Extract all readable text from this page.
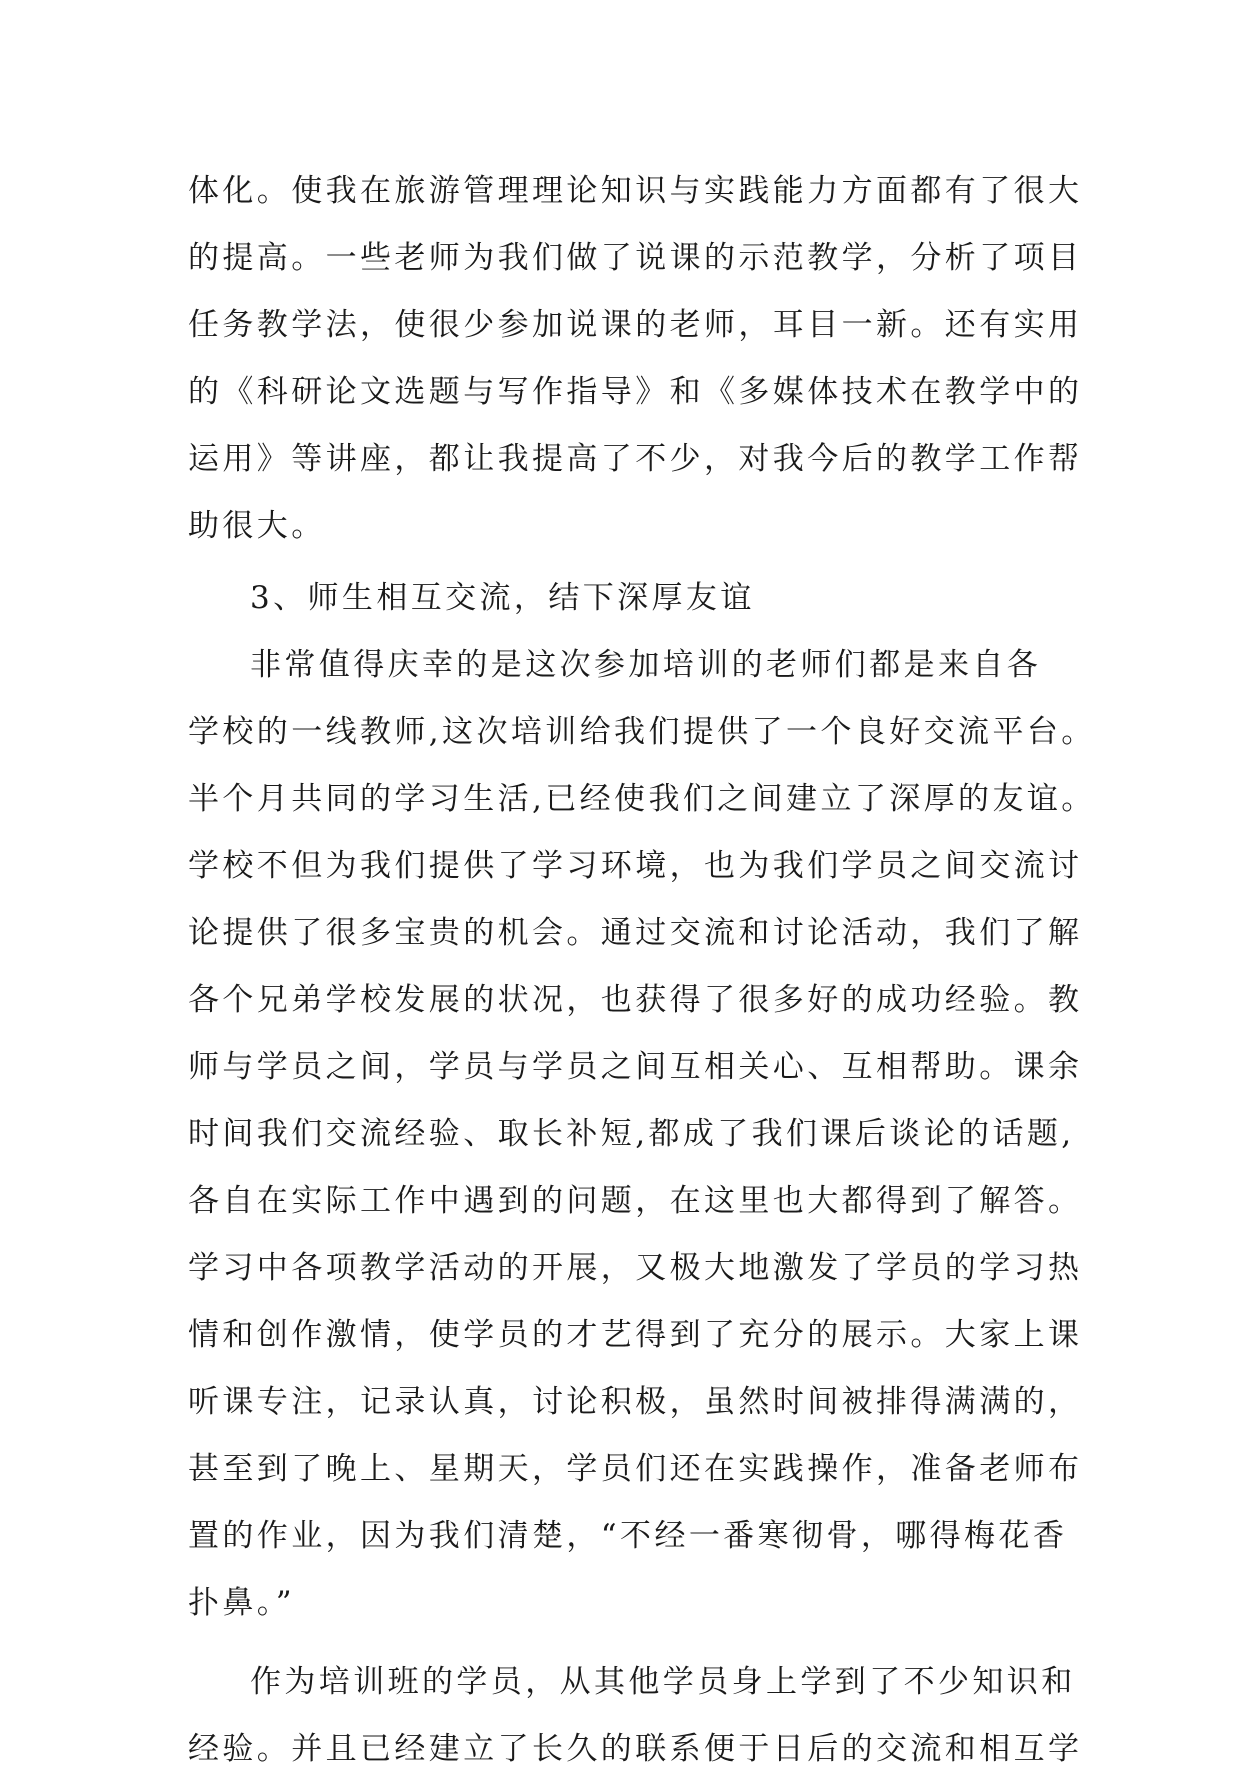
体化。使我在旅游管理理论知识与实践能力方面都有了很大
的提高。一些老师为我们做了说课的示范教学，分析了项目
任务教学法，使很少参加说课的老师，耳目一新。还有实用
的《科研论文选题与写作指导》和《多媒体技术在教学中的
运用》等讲座，都让我提高了不少，对我今后的教学工作帮
助很大。
3、师生相互交流，结下深厚友谊
非常值得庆幸的是这次参加培训的老师们都是来自各
学校的一线教师,这次培训给我们提供了一个良好交流平台。
半个月共同的学习生活,已经使我们之间建立了深厚的友谊。
学校不但为我们提供了学习环境，也为我们学员之间交流讨
论提供了很多宝贵的机会。通过交流和讨论活动，我们了解
各个兄弟学校发展的状况，也获得了很多好的成功经验。教
师与学员之间，学员与学员之间互相关心、互相帮助。课余
时间我们交流经验、取长补短,都成了我们课后谈论的话题,
各自在实际工作中遇到的问题，在这里也大都得到了解答。
学习中各项教学活动的开展，又极大地激发了学员的学习热
情和创作激情，使学员的才艺得到了充分的展示。大家上课
听课专注，记录认真，讨论积极，虽然时间被排得满满的，
甚至到了晚上、星期天，学员们还在实践操作，准备老师布
置的作业，因为我们清楚，“不经一番寒彻骨，哪得梅花香
扑鼻。”
作为培训班的学员，从其他学员身上学到了不少知识和
经验。并且已经建立了长久的联系便于日后的交流和相互学
